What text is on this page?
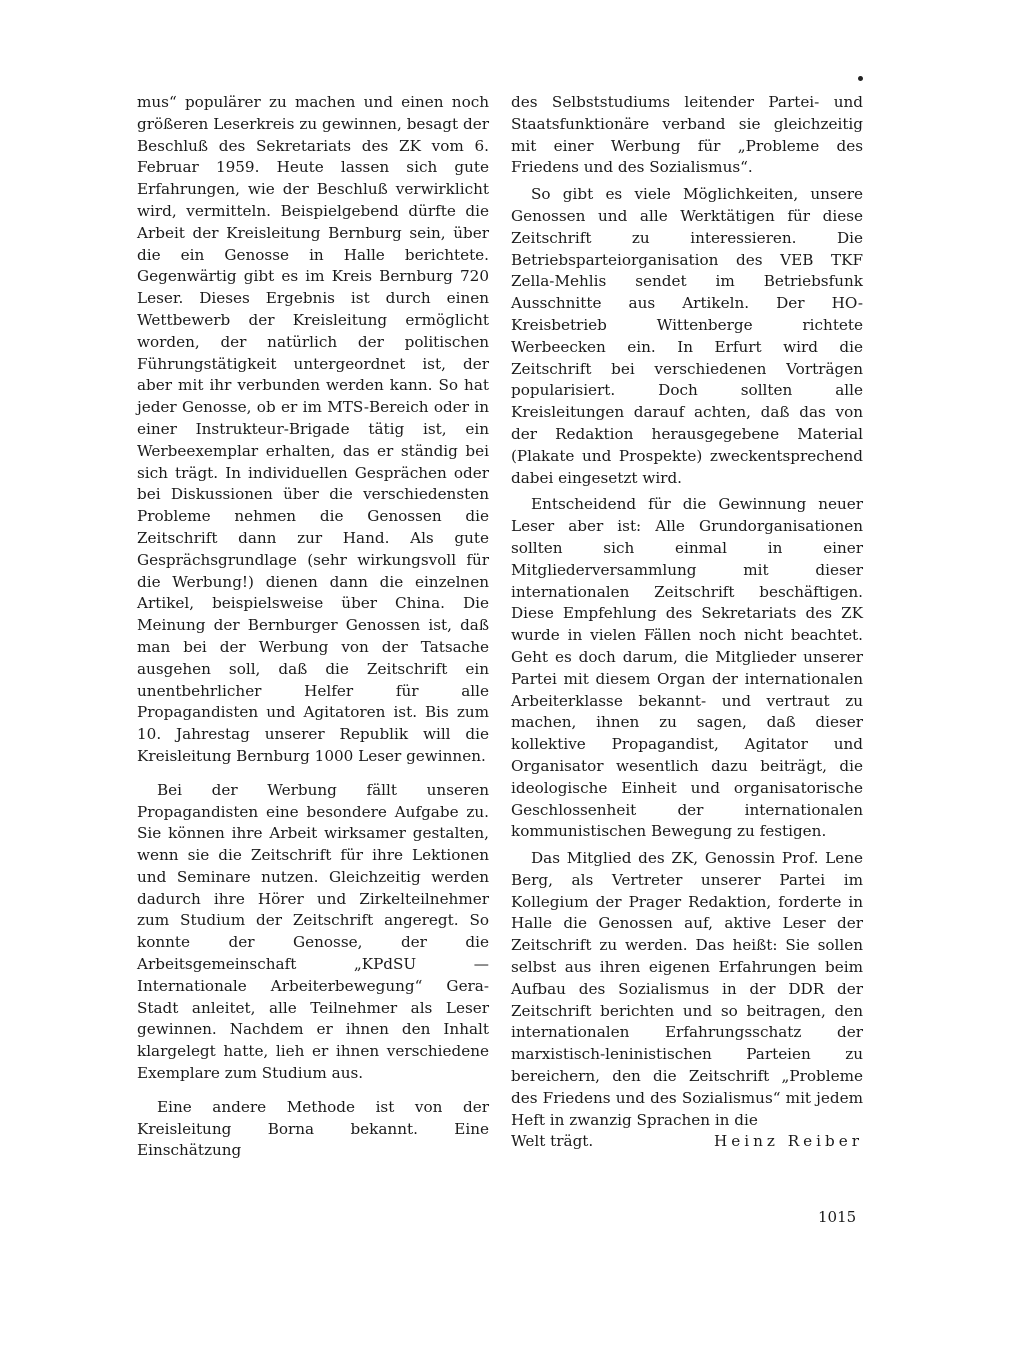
mus“ populärer zu machen und einen noch größeren Leserkreis zu gewinnen, besagt der Beschluß des Sekretariats des ZK vom 6. Februar 1959. Heute lassen sich gute Erfahrungen, wie der Beschluß verwirklicht wird, vermitteln. Beispielgebend dürfte die Arbeit der Kreisleitung Bernburg sein, über die ein Genosse in Halle berichtete. Gegenwärtig gibt es im Kreis Bernburg 720 Leser. Dieses Ergebnis ist durch einen Wettbewerb der Kreisleitung ermöglicht worden, der natürlich der politischen Führungstätigkeit untergeordnet ist, der aber mit ihr verbunden werden kann. So hat jeder Genosse, ob er im MTS-Bereich oder in einer Instrukteur-Brigade tätig ist, ein Werbeexemplar erhalten, das er ständig bei sich trägt. In individuellen Gesprächen oder bei Diskussionen über die verschiedensten Probleme nehmen die Genossen die Zeitschrift dann zur Hand. Als gute Gesprächsgrundlage (sehr wirkungsvoll für die Werbung!) dienen dann die einzelnen Artikel, beispielsweise über China. Die Meinung der Bernburger Genossen ist, daß man bei der Werbung von der Tatsache ausgehen soll, daß die Zeitschrift ein unentbehrlicher Helfer für alle Propagandisten und Agitatoren ist. Bis zum 10. Jahrestag unserer Republik will die Kreisleitung Bernburg 1000 Leser gewinnen.

Bei der Werbung fällt unseren Propagandisten eine besondere Aufgabe zu. Sie können ihre Arbeit wirksamer gestalten, wenn sie die Zeitschrift für ihre Lektionen und Seminare nutzen. Gleichzeitig werden dadurch ihre Hörer und Zirkelteilnehmer zum Studium der Zeitschrift angeregt. So konnte der Genosse, der die Arbeitsgemeinschaft „KPdSU — Internationale Arbeiterbewegung“ Gera-Stadt anleitet, alle Teilnehmer als Leser gewinnen. Nachdem er ihnen den Inhalt klargelegt hatte, lieh er ihnen verschiedene Exemplare zum Studium aus.

Eine andere Methode ist von der Kreisleitung Borna bekannt. Eine Einschätzung

des Selbststudiums leitender Partei- und Staatsfunktionäre verband sie gleichzeitig mit einer Werbung für „Probleme des Friedens und des Sozialismus“.

So gibt es viele Möglichkeiten, unsere Genossen und alle Werktätigen für diese Zeitschrift zu interessieren. Die Betriebsparteiorganisation des VEB TKF Zella-Mehlis sendet im Betriebsfunk Ausschnitte aus Artikeln. Der HO-Kreisbetrieb Wittenberge richtete Werbeecken ein. In Erfurt wird die Zeitschrift bei verschiedenen Vorträgen popularisiert. Doch sollten alle Kreisleitungen darauf achten, daß das von der Redaktion herausgegebene Material (Plakate und Prospekte) zweckentsprechend dabei eingesetzt wird.

Entscheidend für die Gewinnung neuer Leser aber ist: Alle Grundorganisationen sollten sich einmal in einer Mitgliederversammlung mit dieser internationalen Zeitschrift beschäftigen. Diese Empfehlung des Sekretariats des ZK wurde in vielen Fällen noch nicht beachtet. Geht es doch darum, die Mitglieder unserer Partei mit diesem Organ der internationalen Arbeiterklasse bekannt- und vertraut zu machen, ihnen zu sagen, daß dieser kollektive Propagandist, Agitator und Organisator wesentlich dazu beiträgt, die ideologische Einheit und organisatorische Geschlossenheit der internationalen kommunistischen Bewegung zu festigen.

Das Mitglied des ZK, Genossin Prof. Lene Berg, als Vertreter unserer Partei im Kollegium der Prager Redaktion, forderte in Halle die Genossen auf, aktive Leser der Zeitschrift zu werden. Das heißt: Sie sollen selbst aus ihren eigenen Erfahrungen beim Aufbau des Sozialismus in der DDR der Zeitschrift berichten und so beitragen, den internationalen Erfahrungsschatz der marxistisch-leninistischen Parteien zu bereichern, den die Zeitschrift „Probleme des Friedens und des Sozialismus“ mit jedem Heft in zwanzig Sprachen in die

Welt trägt.	Heinz Reiber
1015
